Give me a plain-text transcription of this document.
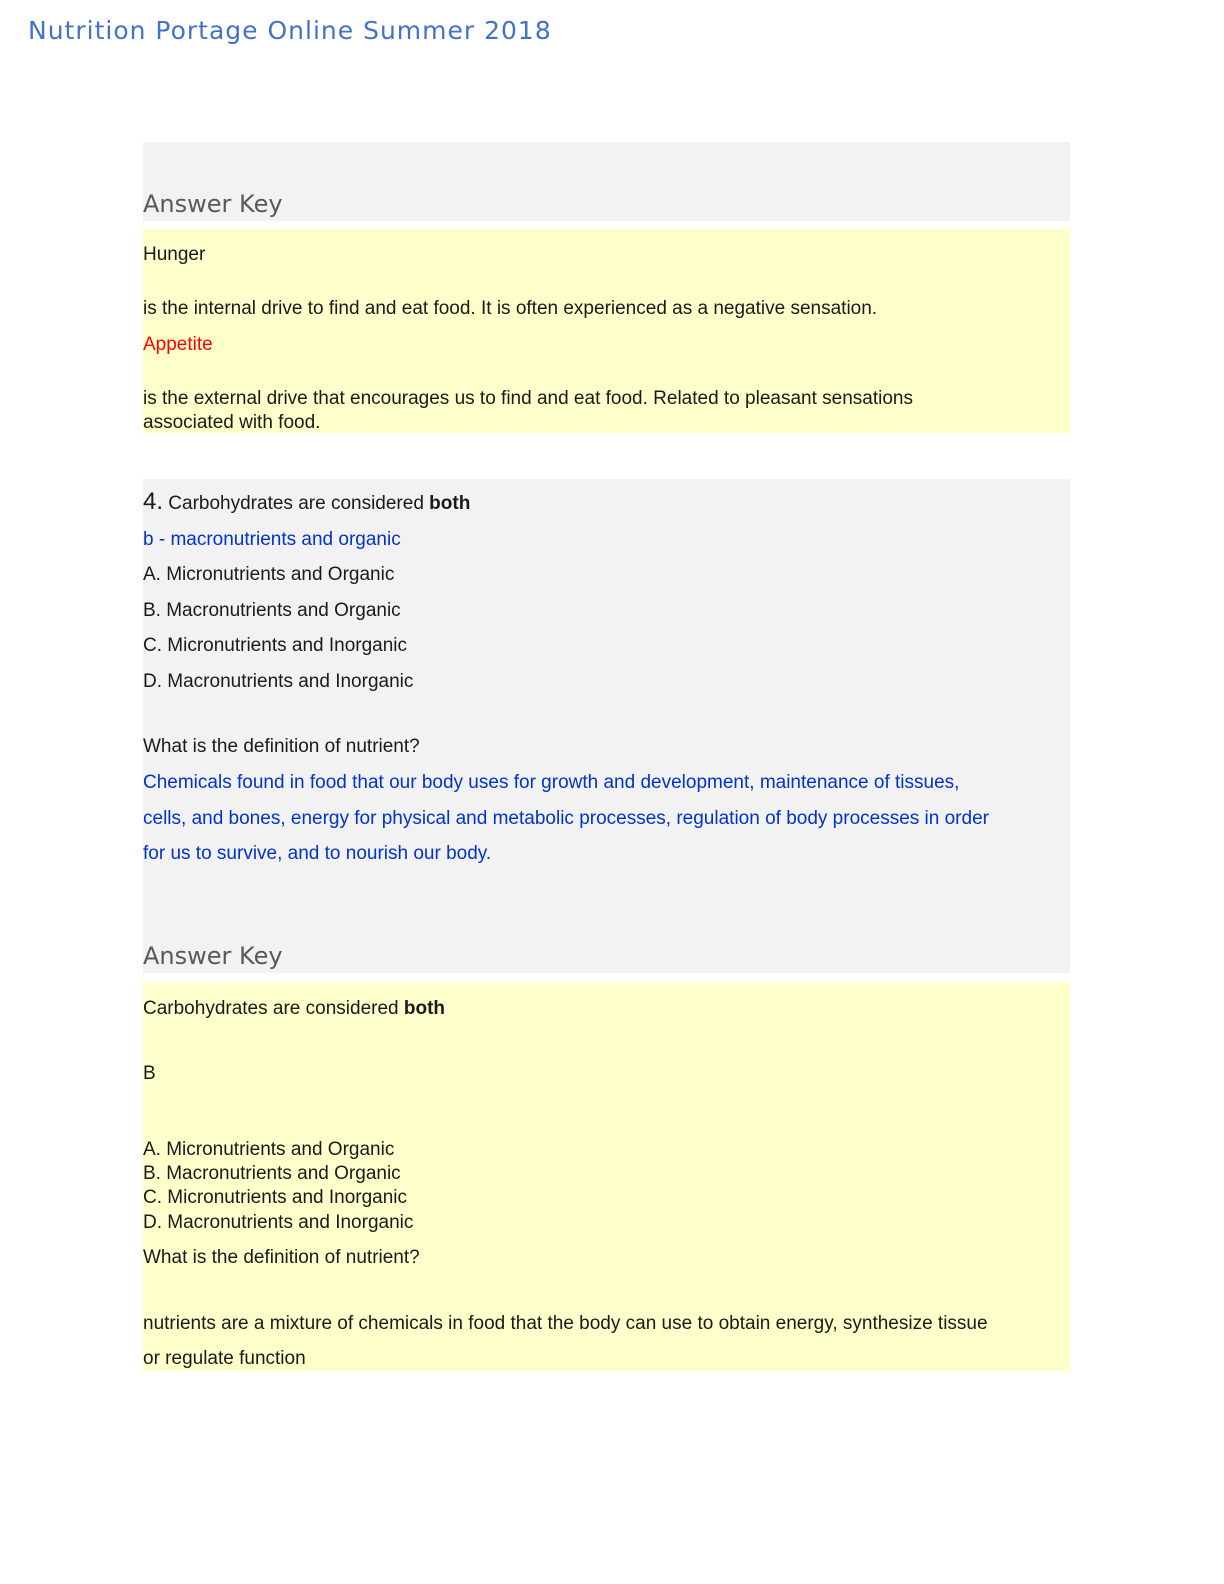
Nutrition Portage Online Summer 2018
Answer Key
Hunger
is the internal drive to find and eat food. It is often experienced as a negative sensation.
Appetite
is the external drive that encourages us to find and eat food. Related to pleasant sensations
associated with food.
4. Carbohydrates are considered both
b - macronutrients and organic
A. Micronutrients and Organic
B. Macronutrients and Organic
C. Micronutrients and Inorganic
D. Macronutrients and Inorganic
What is the definition of nutrient?
Chemicals found in food that our body uses for growth and development, maintenance of tissues,
cells, and bones, energy for physical and metabolic processes, regulation of body processes in order
for us to survive, and to nourish our body.
Answer Key
Carbohydrates are considered both
B
A. Micronutrients and Organic
B. Macronutrients and Organic
C. Micronutrients and Inorganic
D. Macronutrients and Inorganic
What is the definition of nutrient?
nutrients are a mixture of chemicals in food that the body can use to obtain energy, synthesize tissue
or regulate function
